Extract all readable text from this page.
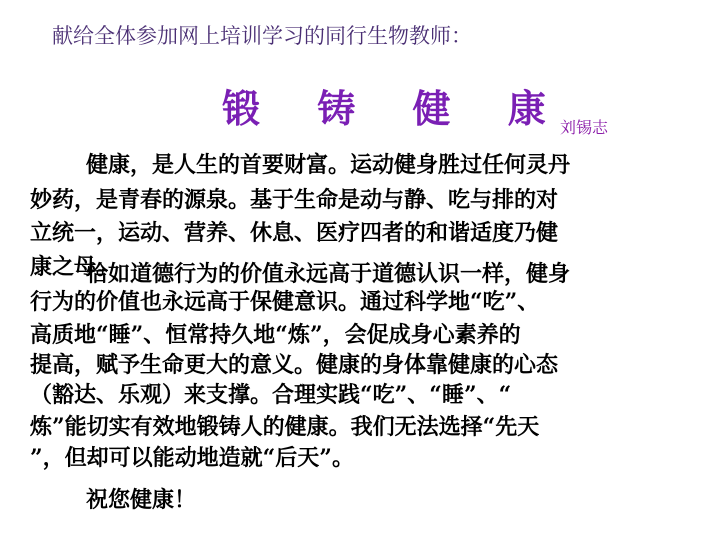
献给全体参加网上培训学习的同行生物教师：
锻 铸 健 康
刘锡志
健康，是人生的首要财富。运动健身胜过任何灵丹
妙药，是青春的源泉。基于生命是动与静、吃与排的对
立统一，运动、营养、休息、医疗四者的和谐适度乃健
康之母。
恰如道德行为的价值永远高于道德认识一样，健身
行为的价值也永远高于保健意识。通过科学地“吃”、
高质地“睡”、恒常持久地“炼”，会促成身心素养的
提高，赋予生命更大的意义。健康的身体靠健康的心态
（豁达、乐观）来支撑。合理实践“吃”、“睡”、“
炼”能切实有效地锻铸人的健康。我们无法选择“先天
”，但却可以能动地造就“后天”。
祝您健康！
